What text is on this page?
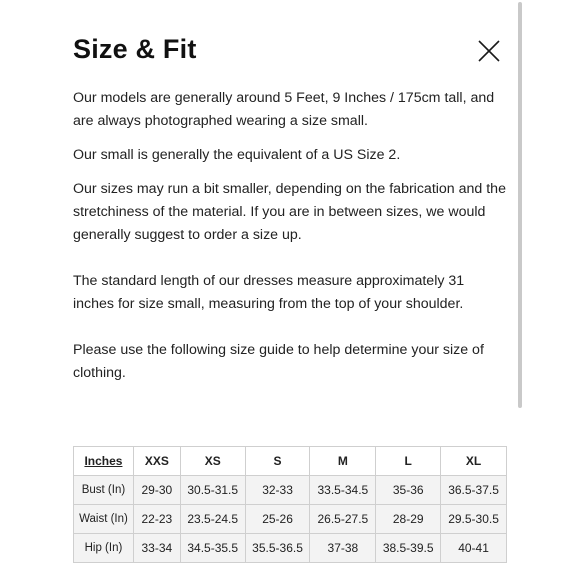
Size & Fit

Our models are generally around 5 Feet, 9 Inches / 175cm tall, and are always photographed wearing a size small.

Our small is generally the equivalent of a US Size 2.

Our sizes may run a bit smaller, depending on the fabrication and the stretchiness of the material. If you are in between sizes, we would generally suggest to order a size up.

The standard length of our dresses measure approximately 31 inches for size small, measuring from the top of your shoulder.

Please use the following size guide to help determine your size of clothing.

Inches	XXS	XS	S	M	L	XL
Bust (In)	29-30	30.5-31.5	32-33	33.5-34.5	35-36	36.5-37.5
Waist (In)	22-23	23.5-24.5	25-26	26.5-27.5	28-29	29.5-30.5
Hip (In)	33-34	34.5-35.5	35.5-36.5	37-38	38.5-39.5	40-41
